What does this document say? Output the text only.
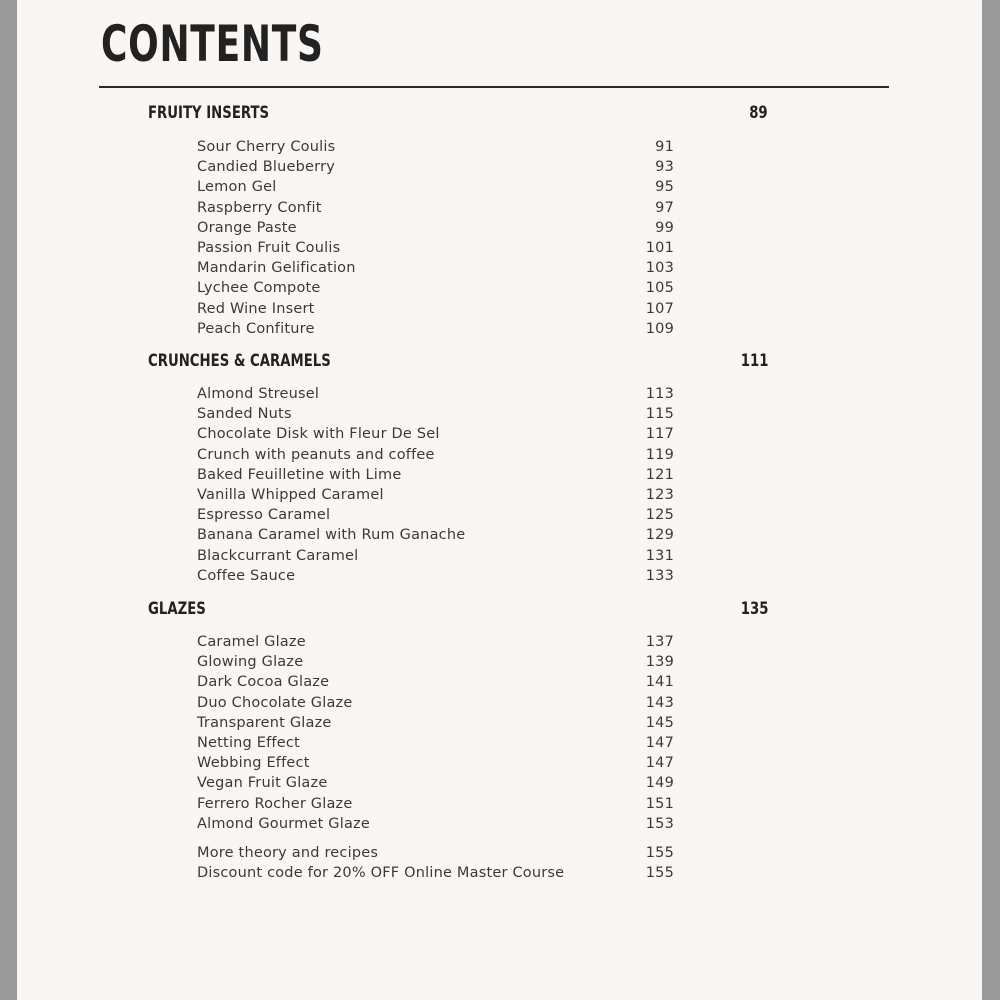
CONTENTS
FRUITY INSERTS	89
Sour Cherry Coulis	91
Candied Blueberry	93
Lemon Gel	95
Raspberry Confit	97
Orange Paste	99
Passion Fruit Coulis	101
Mandarin Gelification	103
Lychee Compote	105
Red Wine Insert	107
Peach Confiture	109
CRUNCHES & CARAMELS	111
Almond Streusel	113
Sanded Nuts	115
Chocolate Disk with Fleur De Sel	117
Crunch with peanuts and coffee	119
Baked Feuilletine with Lime	121
Vanilla Whipped Caramel	123
Espresso Caramel	125
Banana Caramel with Rum Ganache	129
Blackcurrant Caramel	131
Coffee Sauce	133
GLAZES	135
Caramel Glaze	137
Glowing Glaze	139
Dark Cocoa Glaze	141
Duo Chocolate Glaze	143
Transparent Glaze	145
Netting Effect	147
Webbing Effect	147
Vegan Fruit Glaze	149
Ferrero Rocher Glaze	151
Almond Gourmet Glaze	153
More theory and recipes	155
Discount code for 20% OFF Online Master Course	155
